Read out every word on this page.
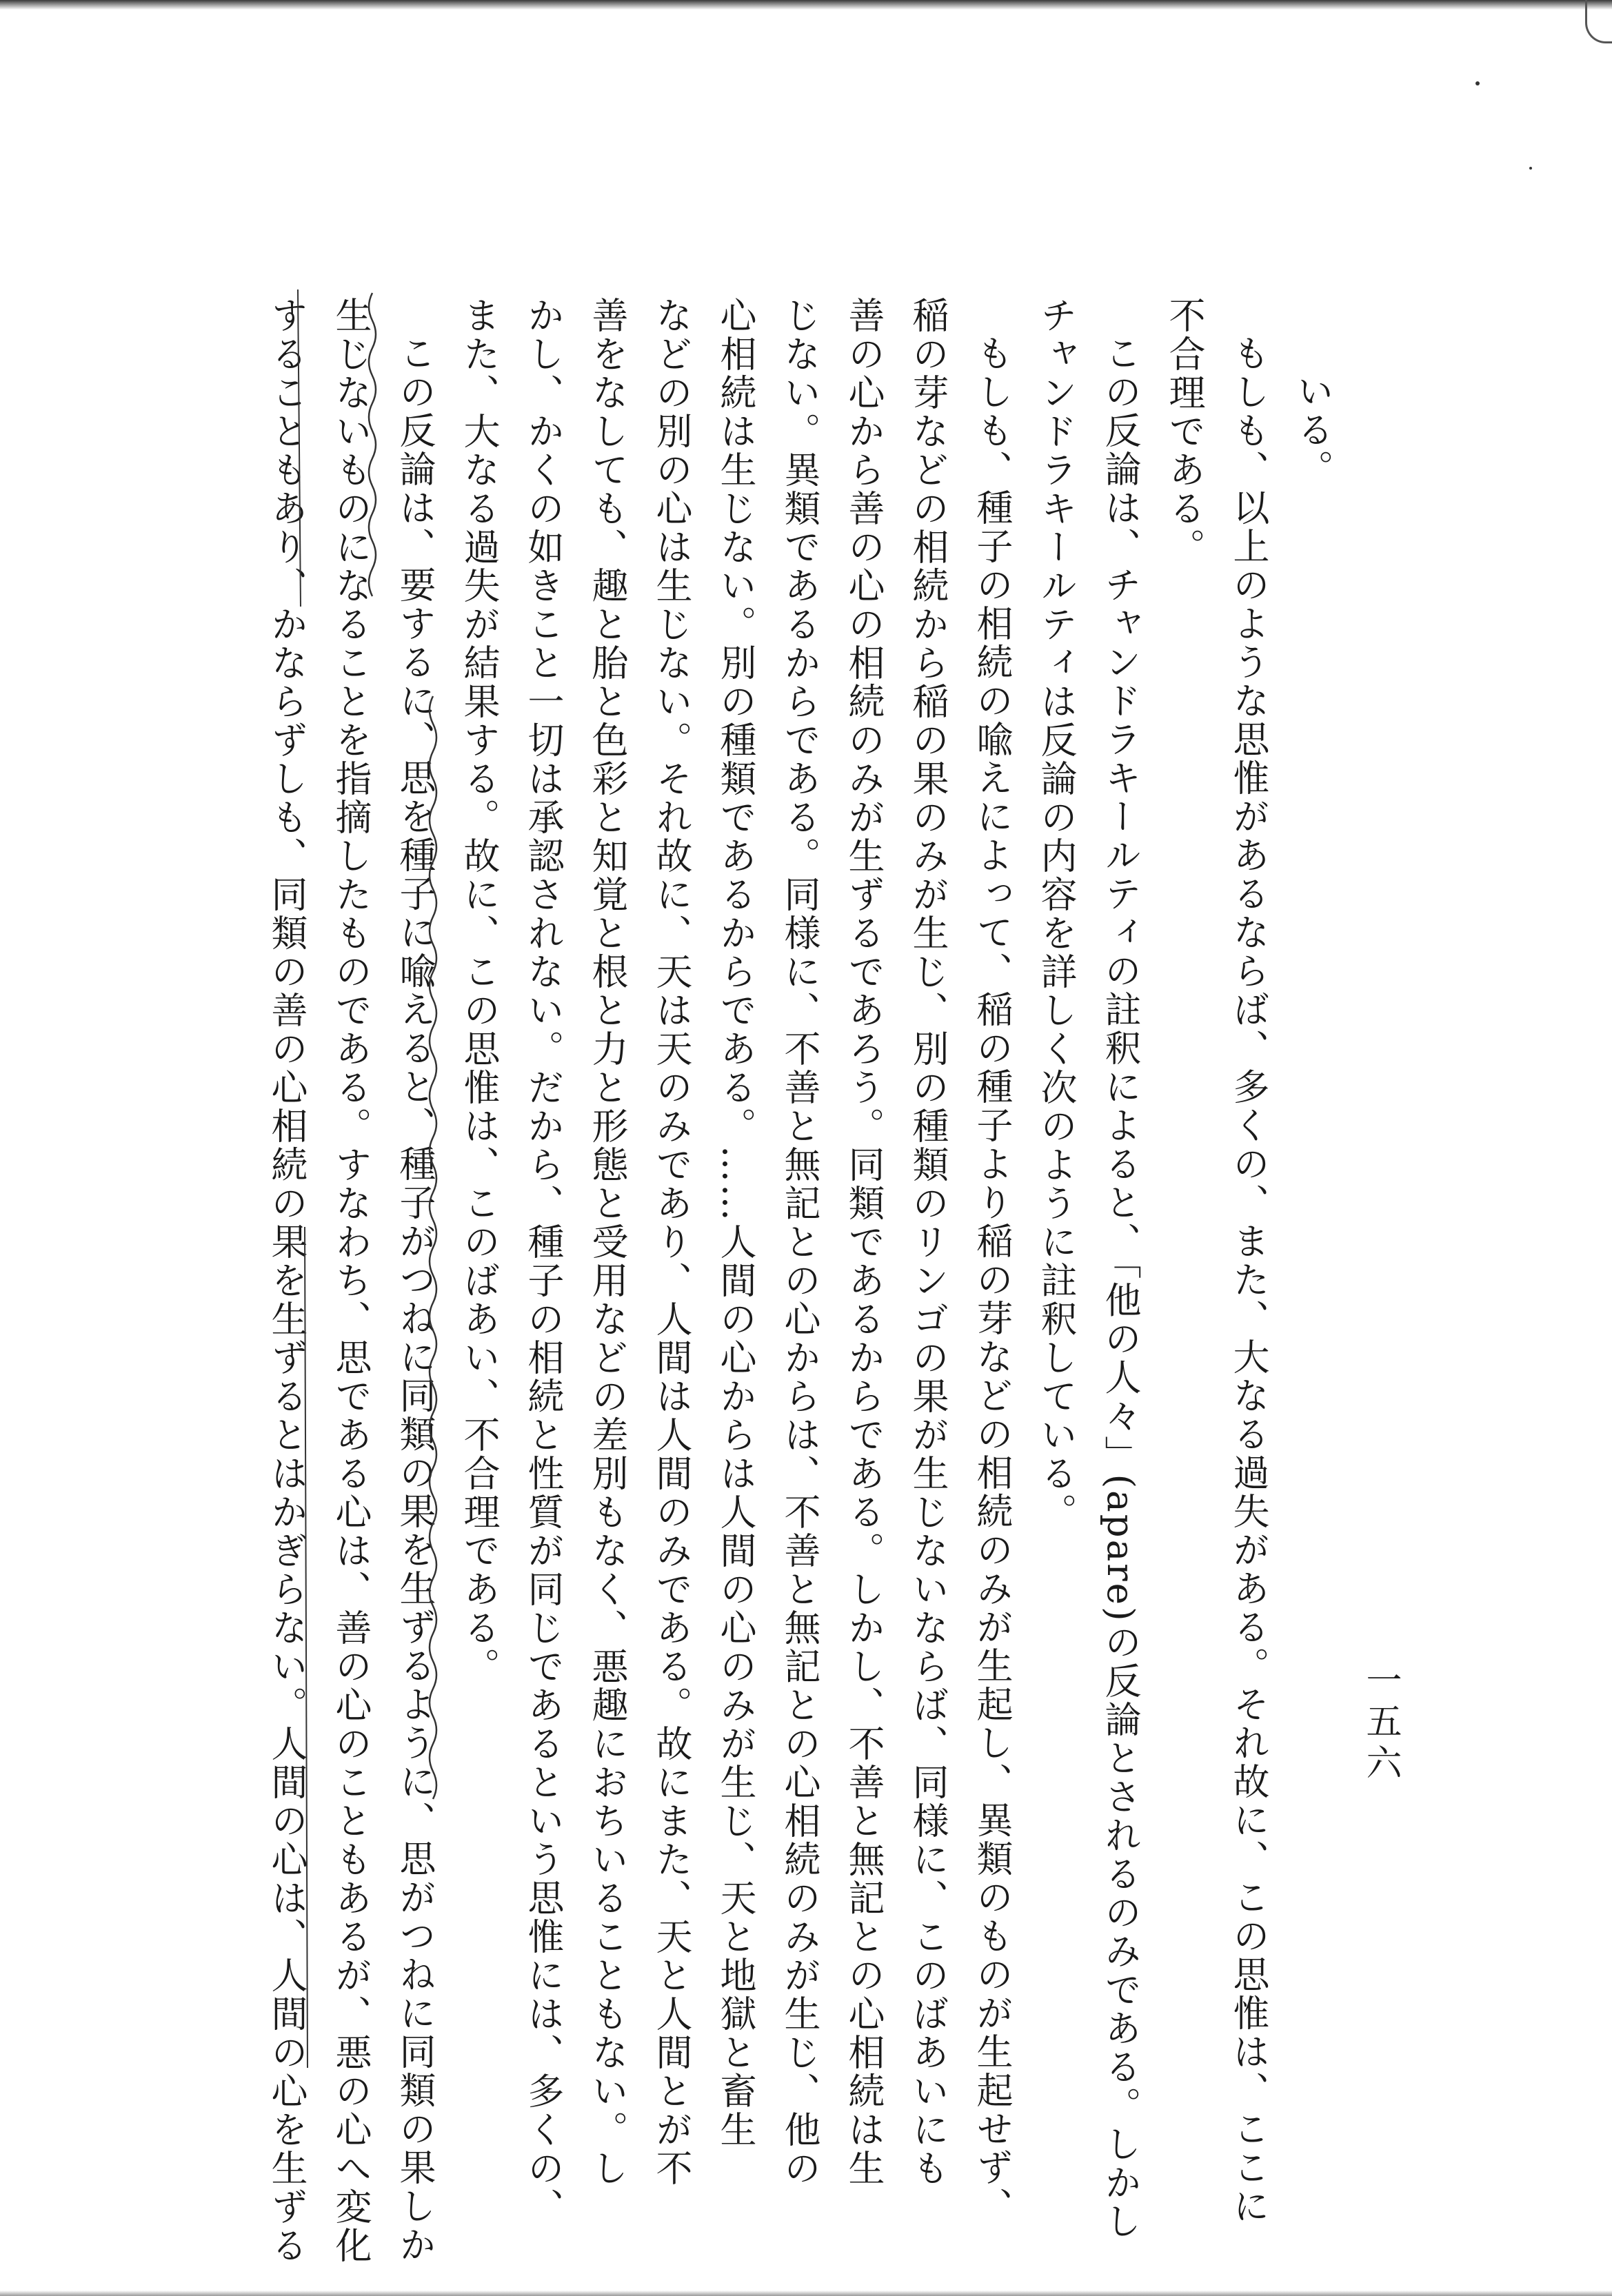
一五六
いる。
もしも、以上のような思惟があるならば、多くの、また、大なる過失がある。それ故に、この思惟は、ここに
不合理である。
この反論は、チャンドラキールティの註釈によると、「他の人々」(apare)の反論とされるのみである。しかし
チャンドラキールティは反論の内容を詳しく次のように註釈している。
もしも、種子の相続の喩えによって、稲の種子より稲の芽などの相続のみが生起し、異類のものが生起せず、
稲の芽などの相続から稲の果のみが生じ、別の種類のリンゴの果が生じないならば、同様に、このばあいにも
善の心から善の心の相続のみが生ずるであろう。同類であるからである。しかし、不善と無記との心相続は生
じない。異類であるからである。同様に、不善と無記との心からは、不善と無記との心相続のみが生じ、他の
心相続は生じない。別の種類であるからである。……人間の心からは人間の心のみが生じ、天と地獄と畜生
などの別の心は生じない。それ故に、天は天のみであり、人間は人間のみである。故にまた、天と人間とが不
善をなしても、趣と胎と色彩と知覚と根と力と形態と受用などの差別もなく、悪趣におちいることもない。し
かし、かくの如きこと一切は承認されない。だから、種子の相続と性質が同じであるという思惟には、多くの、
また、大なる過失が結果する。故に、この思惟は、このばあい、不合理である。
この反論は、要するに、思を種子に喩えると、種子がつねに同類の果を生ずるように、思がつねに同類の果しか
生じないものになることを指摘したものである。すなわち、思である心は、善の心のこともあるが、悪の心へ変化
することもあり、かならずしも、同類の善の心相続の果を生ずるとはかぎらない。人間の心は、人間の心を生ずる
